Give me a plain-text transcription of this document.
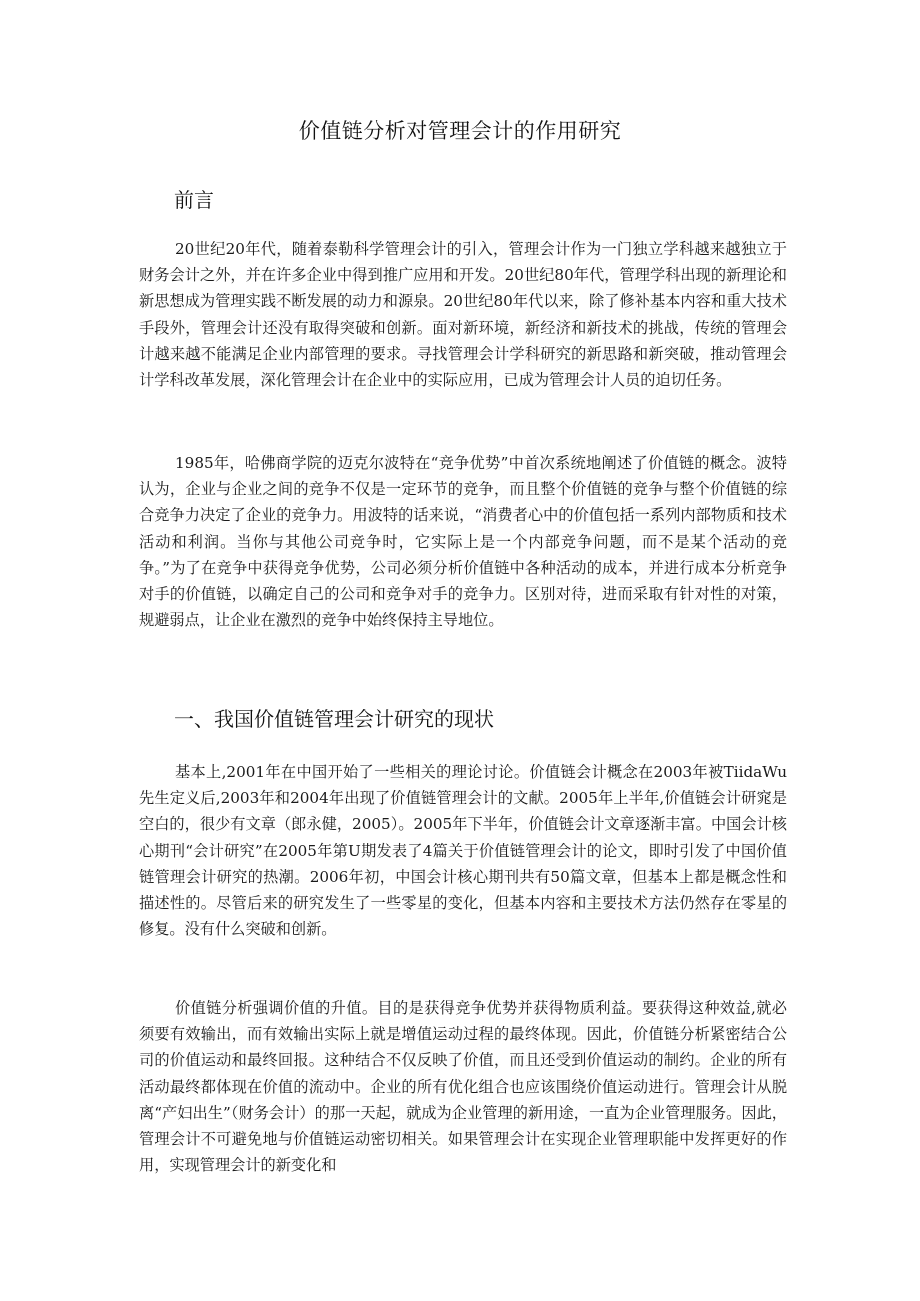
价值链分析对管理会计的作用研究
前言

20世纪20年代，随着泰勒科学管理会计的引入，管理会计作为一门独立学科越来越独立于财务会计之外，并在许多企业中得到推广应用和开发。20世纪80年代，管理学科出现的新理论和新思想成为管理实践不断发展的动力和源泉。20世纪80年代以来，除了修补基本内容和重大技术手段外，管理会计还没有取得突破和创新。面对新环境，新经济和新技术的挑战，传统的管理会计越来越不能满足企业内部管理的要求。寻找管理会计学科研究的新思路和新突破，推动管理会计学科改革发展，深化管理会计在企业中的实际应用，已成为管理会计人员的迫切任务。

1985年，哈佛商学院的迈克尔波特在“竞争优势”中首次系统地阐述了价值链的概念。波特认为，企业与企业之间的竞争不仅是一定环节的竞争，而且整个价值链的竞争与整个价值链的综合竞争力决定了企业的竞争力。用波特的话来说，“消费者心中的价值包括一系列内部物质和技术活动和利润。当你与其他公司竞争时，它实际上是一个内部竞争问题，而不是某个活动的竞争。”为了在竞争中获得竞争优势，公司必须分析价值链中各种活动的成本，并进行成本分析竞争对手的价值链，以确定自己的公司和竞争对手的竞争力。区别对待，进而采取有针对性的对策，规避弱点，让企业在激烈的竞争中始终保持主导地位。

一、我国价值链管理会计研究的现状

基本上,2001年在中国开始了一些相关的理论讨论。价值链会计概念在2003年被TiidaWu先生定义后,2003年和2004年出现了价值链管理会计的文献。2005年上半年,价值链会计研窕是空白的，很少有文章（郎永健，2005）。2005年下半年，价值链会计文章逐渐丰富。中国会计核心期刊“会计研究”在2005年第U期发表了4篇关于价值链管理会计的论文，即时引发了中国价值链管理会计研究的热潮。2006年初，中国会计核心期刊共有50篇文章，但基本上都是概念性和描述性的。尽管后来的研究发生了一些零星的变化，但基本内容和主要技术方法仍然存在零星的修复。没有什么突破和创新。

价值链分析强调价值的升值。目的是获得竞争优势并获得物质利益。要获得这种效益,就必须要有效输出，而有效输出实际上就是增值运动过程的最终体现。因此，价值链分析紧密结合公司的价值运动和最终回报。这种结合不仅反映了价值，而且还受到价值运动的制约。企业的所有活动最终都体现在价值的流动中。企业的所有优化组合也应该围绕价值运动进行。管理会计从脱离“产妇出生”（财务会计）的那一天起，就成为企业管理的新用途，一直为企业管理服务。因此，管理会计不可避免地与价值链运动密切相关。如果管理会计在实现企业管理职能中发挥更好的作用，实现管理会计的新变化和
